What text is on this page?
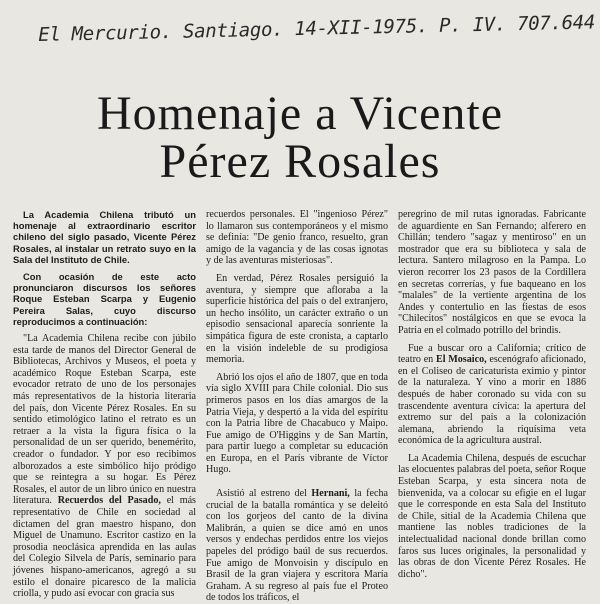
El Mercurio. Santiago. 14-XII-1975. P. IV. 707.644
Homenaje a Vicente
Pérez Rosales

La Academia Chilena tributó un homenaje al extraordinario escritor chileno del siglo pasado, Vicente Pérez Rosales, al instalar un retrato suyo en la Sala del Instituto de Chile.

Con ocasión de este acto pronunciaron discursos los señores Roque Esteban Scarpa y Eugenio Pereira Salas, cuyo discurso reproducimos a continuación:

"La Academia Chilena recibe con júbilo esta tarde de manos del Director General de Bibliotecas, Archivos y Museos, el poeta y académico Roque Esteban Scarpa, este evocador retrato de uno de los personajes más representativos de la historia literaria del país, don Vicente Pérez Rosales. En su sentido etimológico latino el retrato es un retraer a la vista la figura física o la personalidad de un ser querido, benemérito, creador o fundador. Y por eso recibimos alborozados a este simbólico hijo pródigo que se reintegra a su hogar. Es Pérez Rosales, el autor de un libro único en nuestra literatura. Recuerdos del Pasado, el más representativo de Chile en sociedad al dictamen del gran maestro hispano, don Miguel de Unamuno. Escritor castizo en la prosodia neoclásica aprendida en las aulas del Colegio Silvela de París, seminario para jóvenes hispano-americanos, agregó a su estilo el donaire picaresco de la malicia criolla, y pudo así evocar con gracia sus

recuerdos personales. El "ingenioso Pérez" lo llamaron sus contemporáneos y el mismo se definía: "De genio franco, resuelto, gran amigo de la vagancia y de las cosas ignotas y de las aventuras misteriosas".

En verdad, Pérez Rosales persiguió la aventura, y siempre que afloraba a la superficie histórica del país o del extranjero, un hecho insólito, un carácter extraño o un episodio sensacional aparecía sonriente la simpática figura de este cronista, a captarlo en la visión indeleble de su prodigiosa memoria.

Abrió los ojos el año de 1807, que en toda vía siglo XVIII para Chile colonial. Dio sus primeros pasos en los días amargos de la Patria Vieja, y despertó a la vida del espíritu con la Patria libre de Chacabuco y Maipo. Fue amigo de O'Higgins y de San Martín, para partir luego a completar su educación en Europa, en el París vibrante de Víctor Hugo.

Asistió al estreno del Hernani, la fecha crucial de la batalla romántica y se deleitó con los gorjeos del canto de la divina Malibrán, a quien se dice amó en unos versos y endechas perdidos entre los viejos papeles del pródigo baúl de sus recuerdos. Fue amigo de Monvoisin y discípulo en Brasil de la gran viajera y escritora María Graham. A su regreso al país fue el Proteo de todos los tráficos, el

peregrino de mil rutas ignoradas. Fabricante de aguardiente en San Fernando; alferero en Chillán; tendero "sagaz y mentiroso" en un mostrador que era su biblioteca y sala de lectura. Santero milagroso en la Pampa. Lo vieron recorrer los 23 pasos de la Cordillera en secretas correrías, y fue baqueano en los "malales" de la vertiente argentina de los Andes y contertulio en las fiestas de esos "Chilecitos" nostálgicos en que se evoca la Patria en el colmado potrillo del brindis.

Fue a buscar oro a California; crítico de teatro en El Mosaico, escenógrafo aficionado, en el Coliseo de caricaturista eximio y pintor de la naturaleza. Y vino a morir en 1886 después de haber coronado su vida con su trascendente aventura cívica: la apertura del extremo sur del país a la colonización alemana, abriendo la riquísima veta económica de la agricultura austral.

La Academia Chilena, después de escuchar las elocuentes palabras del poeta, señor Roque Esteban Scarpa, y esta sincera nota de bienvenida, va a colocar su efigie en el lugar que le corresponde en esta Sala del Instituto de Chile, sitial de la Academia Chilena que mantiene las nobles tradiciones de la intelectualidad nacional donde brillan como faros sus luces originales, la personalidad y las obras de don Vicente Pérez Rosales. He dicho".
